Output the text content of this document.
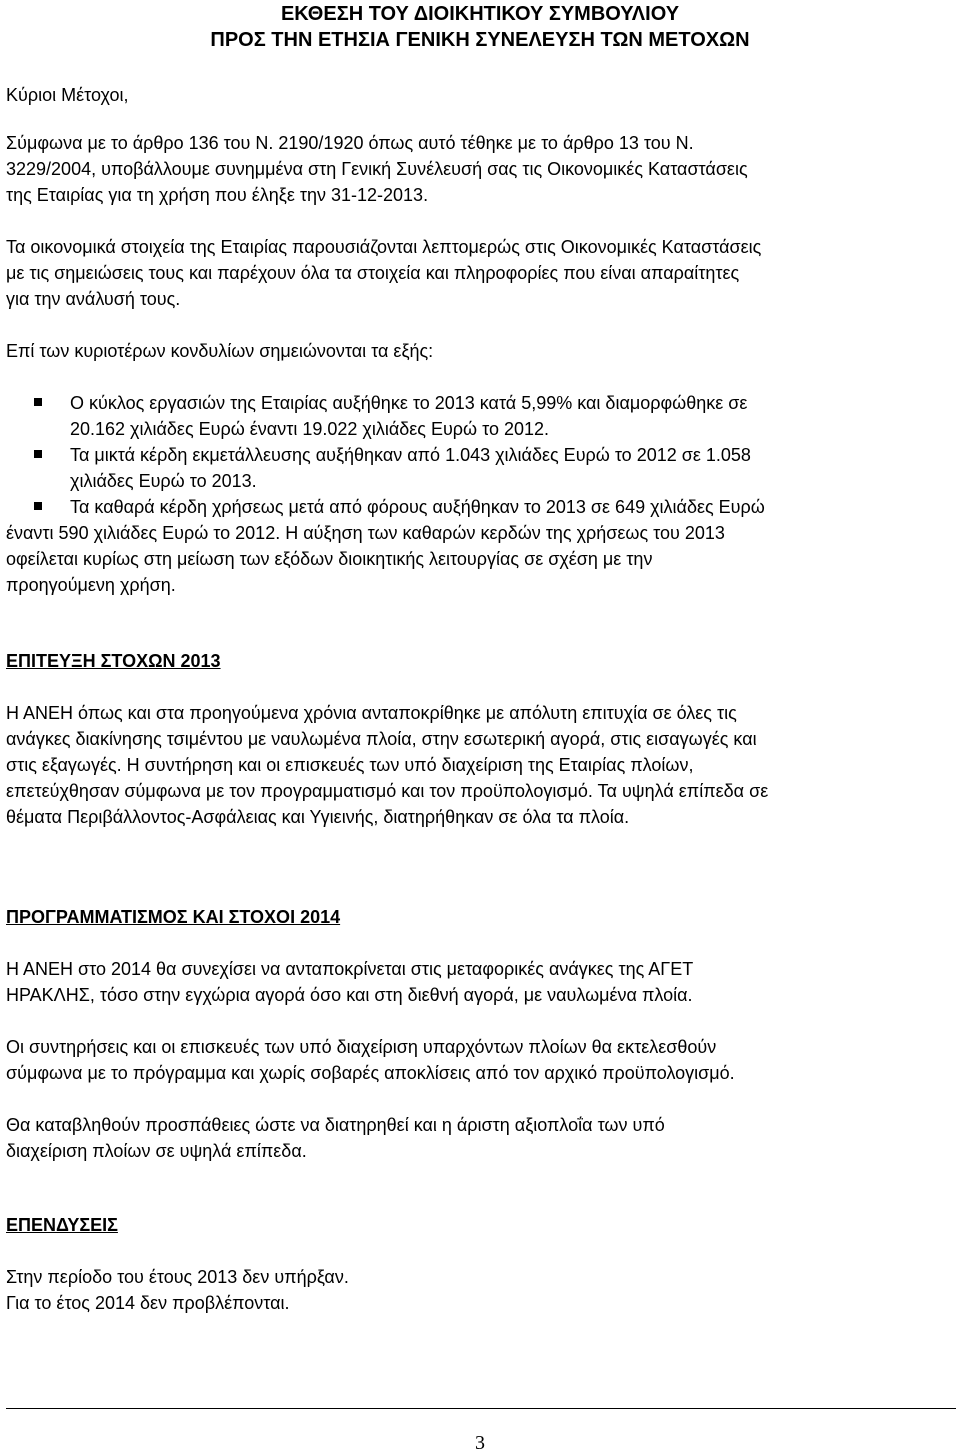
ΕΚΘΕΣΗ ΤΟΥ ΔΙΟΙΚΗΤΙΚΟΥ ΣΥΜΒΟΥΛΙΟΥ
ΠΡΟΣ ΤΗΝ ΕΤΗΣΙΑ ΓΕΝΙΚΗ ΣΥΝΕΛΕΥΣΗ ΤΩΝ ΜΕΤΟΧΩΝ
Κύριοι Μέτοχοι,
Σύμφωνα με το άρθρο 136 του Ν. 2190/1920 όπως αυτό τέθηκε με το άρθρο 13 του Ν.
3229/2004, υποβάλλουμε συνημμένα στη Γενική Συνέλευσή σας τις Οικονομικές Καταστάσεις
της Εταιρίας για τη χρήση που έληξε την 31-12-2013.
Τα οικονομικά στοιχεία της Εταιρίας παρουσιάζονται λεπτομερώς στις Οικονομικές Καταστάσεις
με τις σημειώσεις τους και παρέχουν όλα τα στοιχεία και πληροφορίες που είναι απαραίτητες
για την ανάλυσή τους.
Επί των κυριοτέρων κονδυλίων σημειώνονται τα εξής:
Ο κύκλος εργασιών της Εταιρίας αυξήθηκε το 2013 κατά 5,99% και διαμορφώθηκε σε
20.162 χιλιάδες Ευρώ έναντι 19.022 χιλιάδες Ευρώ το 2012.
Τα μικτά κέρδη εκμετάλλευσης αυξήθηκαν από 1.043 χιλιάδες Ευρώ το 2012 σε 1.058
χιλιάδες Ευρώ το 2013.
Τα καθαρά κέρδη χρήσεως μετά από φόρους αυξήθηκαν το 2013 σε 649 χιλιάδες Ευρώ
έναντι 590 χιλιάδες Ευρώ το 2012. Η αύξηση των καθαρών κερδών της χρήσεως του 2013
οφείλεται κυρίως στη μείωση των εξόδων διοικητικής λειτουργίας σε σχέση με την
προηγούμενη χρήση.
ΕΠΙΤΕΥΞΗ ΣΤΟΧΩΝ 2013
Η ΑΝΕΗ όπως και στα προηγούμενα χρόνια ανταποκρίθηκε με απόλυτη επιτυχία σε όλες τις
ανάγκες διακίνησης τσιμέντου με ναυλωμένα πλοία, στην εσωτερική αγορά, στις εισαγωγές και
στις εξαγωγές. Η συντήρηση και οι επισκευές των υπό διαχείριση της Εταιρίας πλοίων,
επετεύχθησαν σύμφωνα με τον προγραμματισμό και τον προϋπολογισμό. Τα υψηλά επίπεδα σε
θέματα Περιβάλλοντος-Ασφάλειας και Υγιεινής, διατηρήθηκαν σε όλα τα πλοία.
ΠΡΟΓΡΑΜΜΑΤΙΣΜΟΣ ΚΑΙ ΣΤΟΧΟΙ 2014
Η ΑΝΕΗ στο 2014 θα συνεχίσει να ανταποκρίνεται στις μεταφορικές ανάγκες της ΑΓΕΤ
ΗΡΑΚΛΗΣ, τόσο στην εγχώρια αγορά όσο και στη διεθνή αγορά, με ναυλωμένα πλοία.
Οι συντηρήσεις και οι επισκευές των υπό διαχείριση υπαρχόντων πλοίων θα εκτελεσθούν
σύμφωνα με το πρόγραμμα και χωρίς σοβαρές αποκλίσεις από τον αρχικό προϋπολογισμό.
Θα καταβληθούν προσπάθειες ώστε να διατηρηθεί και η άριστη αξιοπλοΐα των υπό
διαχείριση πλοίων σε υψηλά επίπεδα.
ΕΠΕΝΔΥΣΕΙΣ
Στην περίοδο του έτους 2013 δεν υπήρξαν.
Για το έτος 2014 δεν προβλέπονται.
3
